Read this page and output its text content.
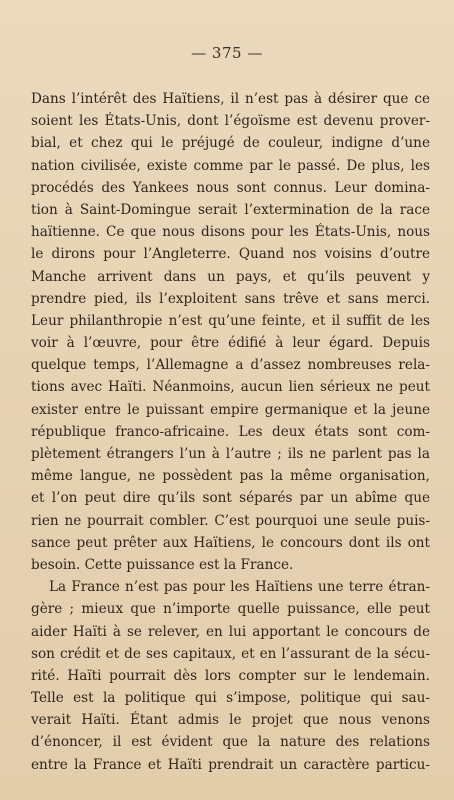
— 375 —
Dans l’intérêt des Haïtiens, il n’est pas à désirer que ce
soient les États-Unis, dont l’égoïsme est devenu prover-
bial, et chez qui le préjugé de couleur, indigne d’une
nation civilisée, existe comme par le passé. De plus, les
procédés des Yankees nous sont connus. Leur domina-
tion à Saint-Domingue serait l’extermination de la race
haïtienne. Ce que nous disons pour les États-Unis, nous
le dirons pour l’Angleterre. Quand nos voisins d’outre
Manche arrivent dans un pays, et qu’ils peuvent y
prendre pied, ils l’exploitent sans trêve et sans merci.
Leur philanthropie n’est qu’une feinte, et il suffit de les
voir à l’œuvre, pour être édifié à leur égard. Depuis
quelque temps, l’Allemagne a d’assez nombreuses rela-
tions avec Haïti. Néanmoins, aucun lien sérieux ne peut
exister entre le puissant empire germanique et la jeune
république franco-africaine. Les deux états sont com-
plètement étrangers l’un à l’autre ; ils ne parlent pas la
même langue, ne possèdent pas la même organisation,
et l’on peut dire qu’ils sont séparés par un abîme que
rien ne pourrait combler. C’est pourquoi une seule puis-
sance peut prêter aux Haïtiens, le concours dont ils ont
besoin. Cette puissance est la France.
La France n’est pas pour les Haïtiens une terre étran-
gère ; mieux que n’importe quelle puissance, elle peut
aider Haïti à se relever, en lui apportant le concours de
son crédit et de ses capitaux, et en l’assurant de la sécu-
rité. Haïti pourrait dès lors compter sur le lendemain.
Telle est la politique qui s’impose, politique qui sau-
verait Haïti. Étant admis le projet que nous venons
d’énoncer, il est évident que la nature des relations
entre la France et Haïti prendrait un caractère particu-
